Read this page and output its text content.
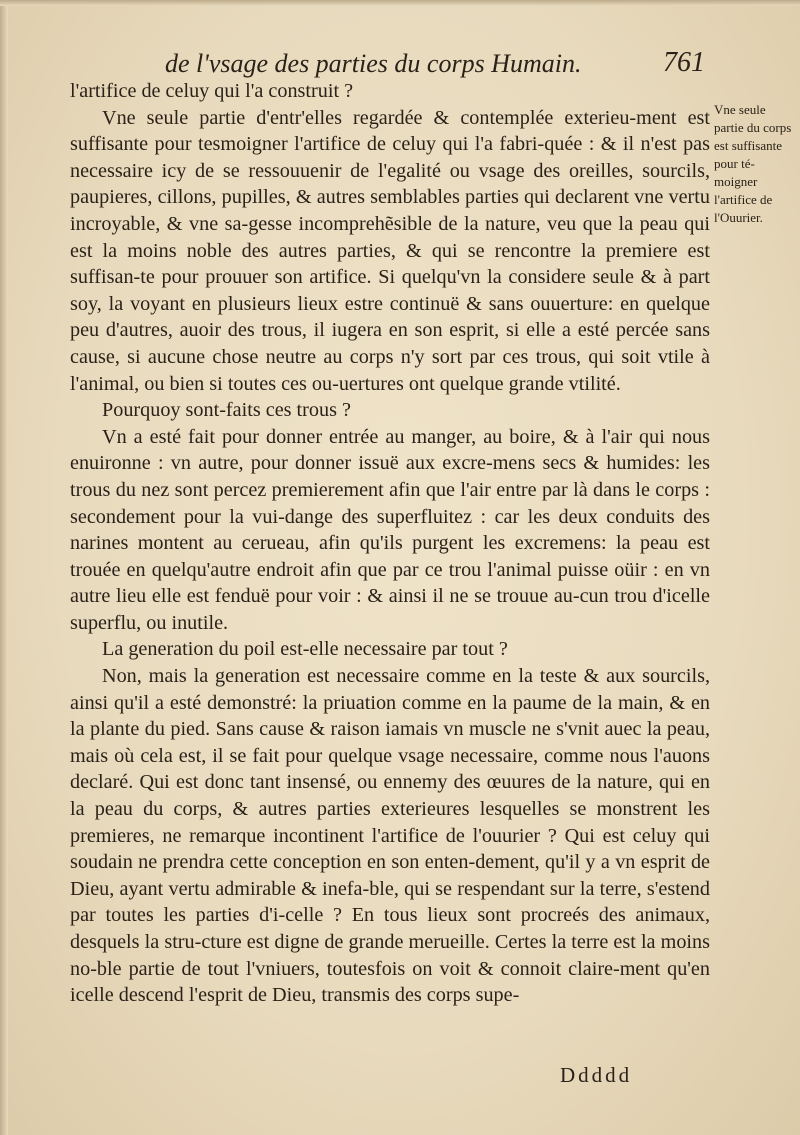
de l'vsage des parties du corps Humain.	761

l'artifice de celuy qui l'a construit ?

Vne seule partie d'entr'elles regardée & contemplée exterieu-ment est suffisante pour tesmoigner l'artifice de celuy qui l'a fabri-quée : & il n'est pas necessaire icy de se ressouuenir de l'egalité ou vsage des oreilles, sourcils, paupieres, cillons, pupilles, & autres semblables parties qui declarent vne vertu incroyable, & vne sa-gesse incomprehẽsible de la nature, veu que la peau qui est la moins noble des autres parties, & qui se rencontre la premiere est suffisan-te pour prouuer son artifice. Si quelqu'vn la considere seule & à part soy, la voyant en plusieurs lieux estre continuë & sans ouuerture: en quelque peu d'autres, auoir des trous, il iugera en son esprit, si elle a esté percée sans cause, si aucune chose neutre au corps n'y sort par ces trous, qui soit vtile à l'animal, ou bien si toutes ces ou-uertures ont quelque grande vtilité.

Pourquoy sont-faits ces trous ?

Vn a esté fait pour donner entrée au manger, au boire, & à l'air qui nous enuironne : vn autre, pour donner issuë aux excre-mens secs & humides: les trous du nez sont percez premierement afin que l'air entre par là dans le corps : secondement pour la vui-dange des superfluitez : car les deux conduits des narines montent au cerueau, afin qu'ils purgent les excremens: la peau est trouée en quelqu'autre endroit afin que par ce trou l'animal puisse oüir : en vn autre lieu elle est fenduë pour voir : & ainsi il ne se trouue au-cun trou d'icelle superflu, ou inutile.

La generation du poil est-elle necessaire par tout ?

Non, mais la generation est necessaire comme en la teste & aux sourcils, ainsi qu'il a esté demonstré: la priuation comme en la paume de la main, & en la plante du pied. Sans cause & raison iamais vn muscle ne s'vnit auec la peau, mais où cela est, il se fait pour quelque vsage necessaire, comme nous l'auons declaré. Qui est donc tant insensé, ou ennemy des œuures de la nature, qui en la peau du corps, & autres parties exterieures lesquelles se monstrent les premieres, ne remarque incontinent l'artifice de l'ouurier ? Qui est celuy qui soudain ne prendra cette conception en son enten-dement, qu'il y a vn esprit de Dieu, ayant vertu admirable & inefa-ble, qui se respendant sur la terre, s'estend par toutes les parties d'i-celle ? En tous lieux sont procreés des animaux, desquels la stru-cture est digne de grande merueille. Certes la terre est la moins no-ble partie de tout l'vniuers, toutesfois on voit & connoit claire-ment qu'en icelle descend l'esprit de Dieu, transmis des corps supe-

Vne seule partie du corps est suffisante pour té-moigner l'artifice de l'Ouurier.
Ddddd
